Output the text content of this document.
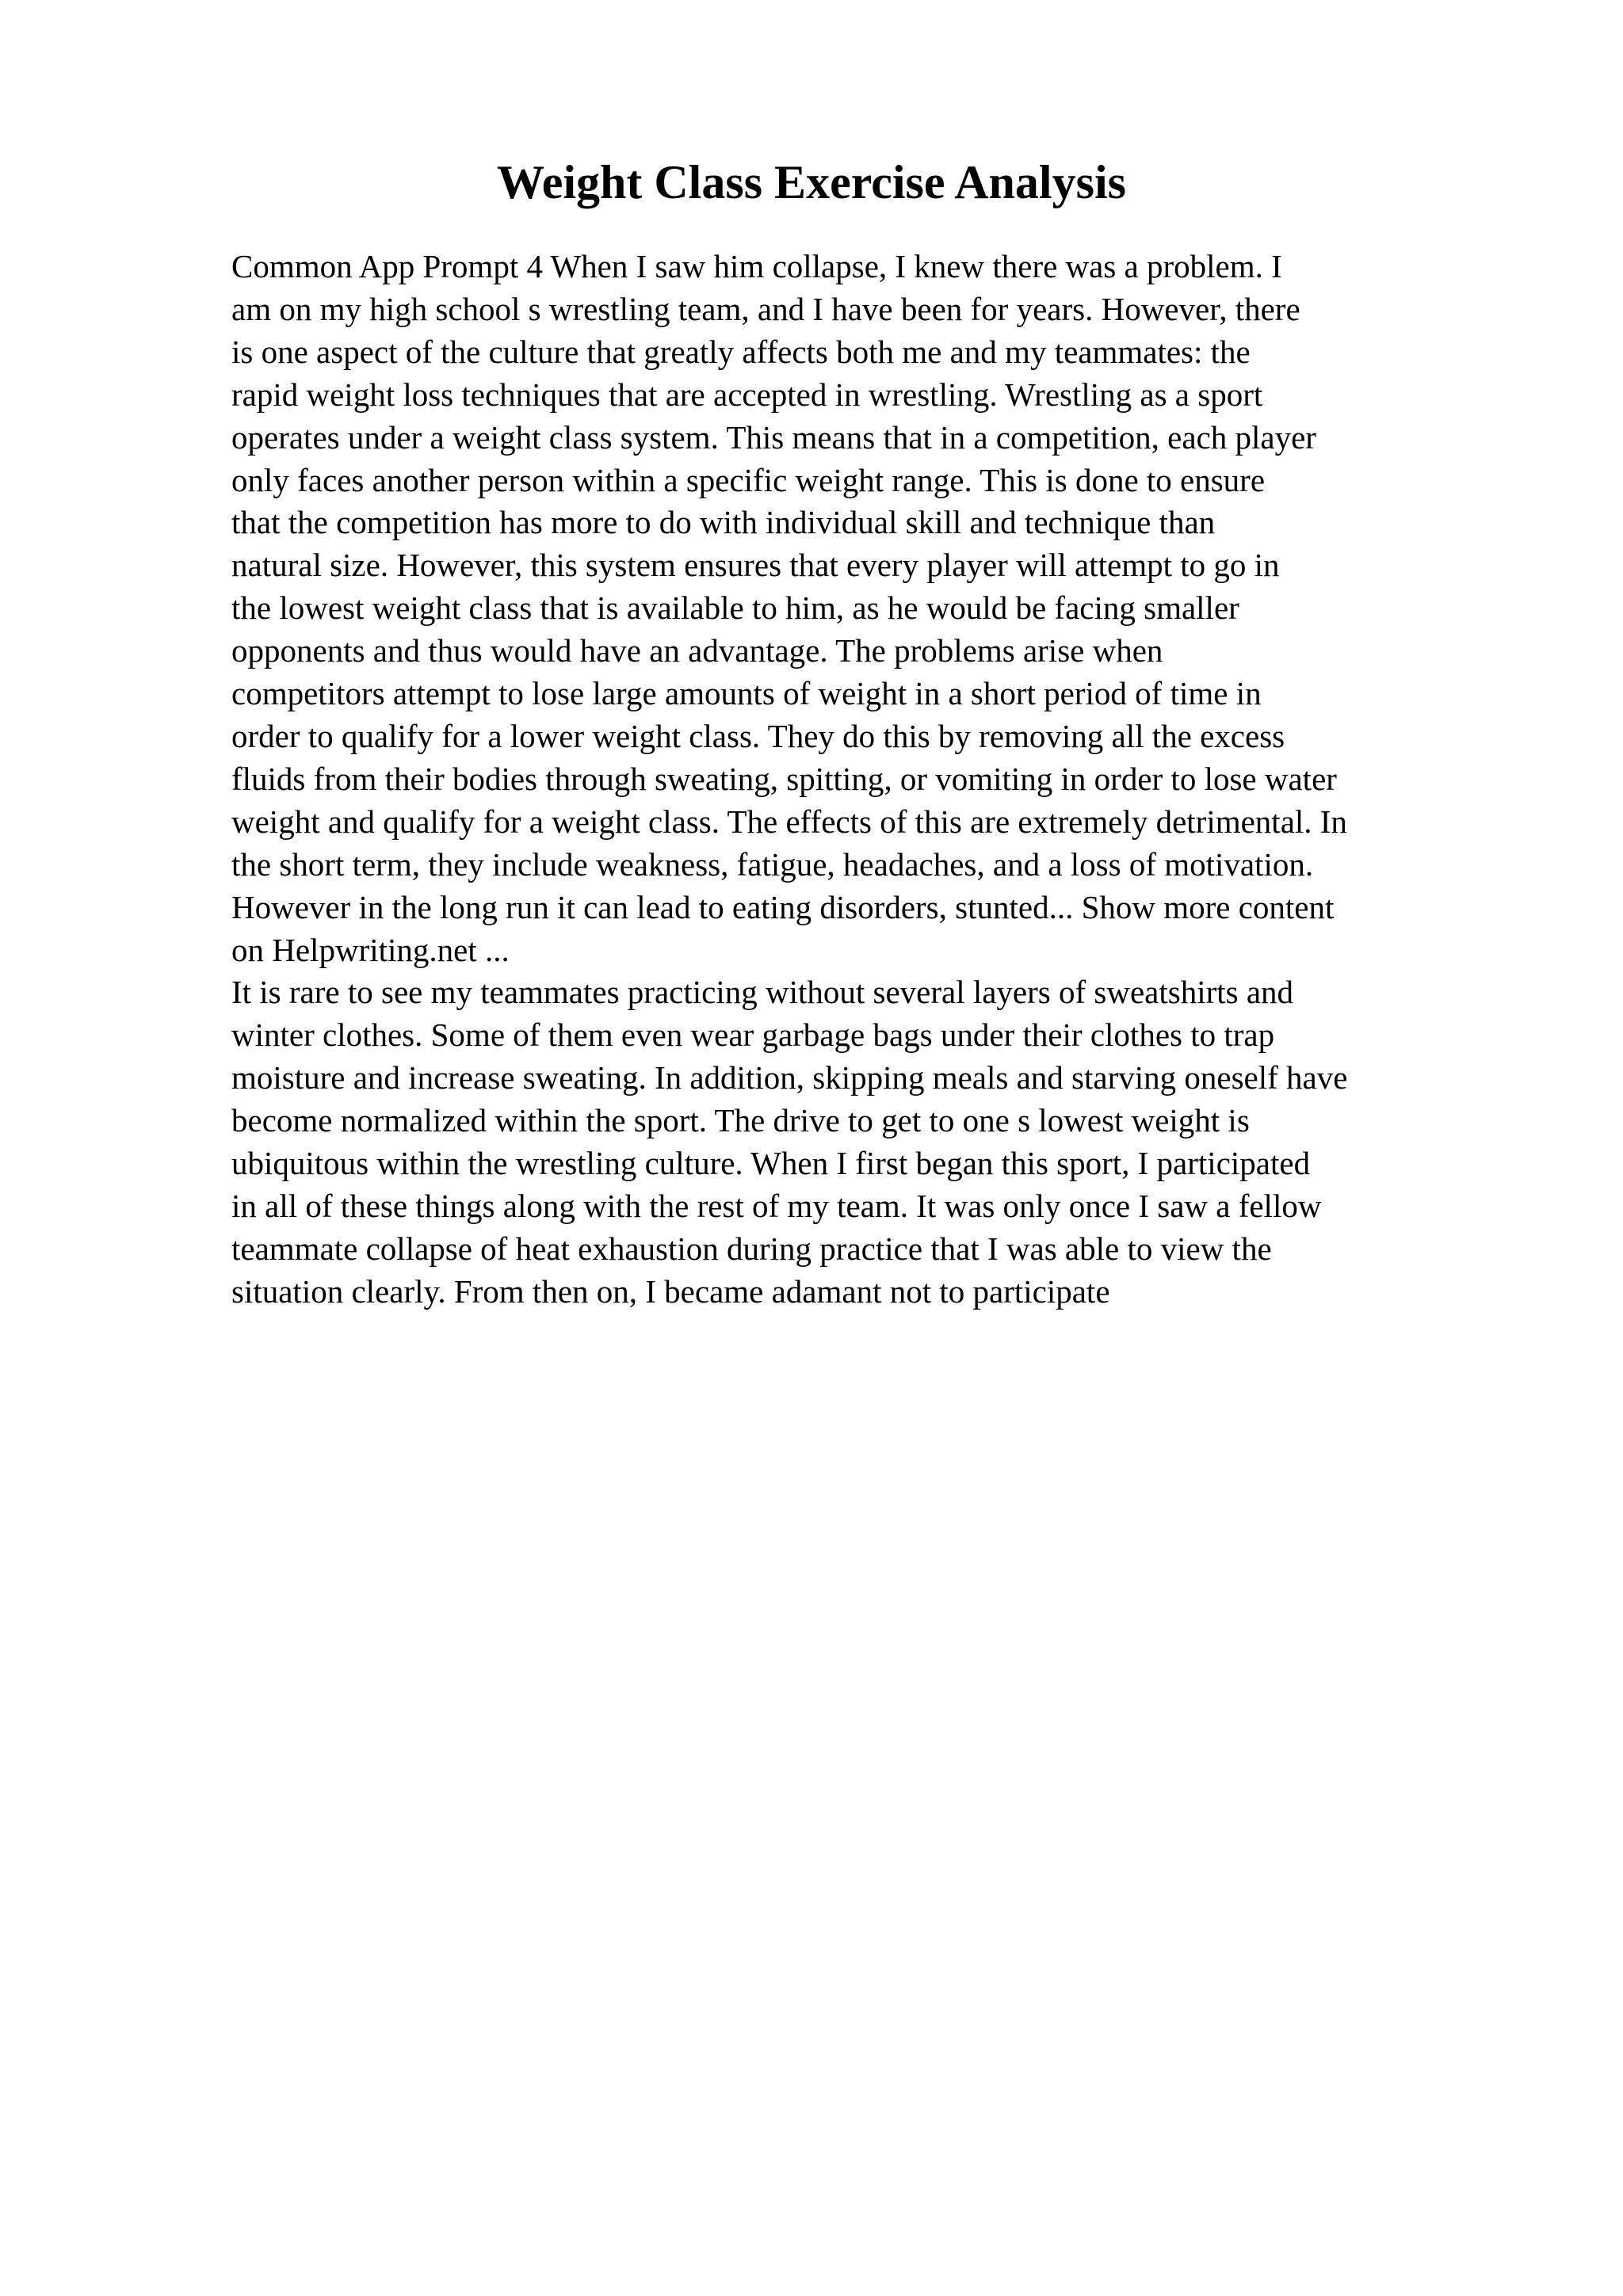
Weight Class Exercise Analysis
Common App Prompt 4 When I saw him collapse, I knew there was a problem. I
am on my high school s wrestling team, and I have been for years. However, there
is one aspect of the culture that greatly affects both me and my teammates: the
rapid weight loss techniques that are accepted in wrestling. Wrestling as a sport
operates under a weight class system. This means that in a competition, each player
only faces another person within a specific weight range. This is done to ensure
that the competition has more to do with individual skill and technique than
natural size. However, this system ensures that every player will attempt to go in
the lowest weight class that is available to him, as he would be facing smaller
opponents and thus would have an advantage. The problems arise when
competitors attempt to lose large amounts of weight in a short period of time in
order to qualify for a lower weight class. They do this by removing all the excess
fluids from their bodies through sweating, spitting, or vomiting in order to lose water
weight and qualify for a weight class. The effects of this are extremely detrimental. In
the short term, they include weakness, fatigue, headaches, and a loss of motivation.
However in the long run it can lead to eating disorders, stunted... Show more content
on Helpwriting.net ...
It is rare to see my teammates practicing without several layers of sweatshirts and
winter clothes. Some of them even wear garbage bags under their clothes to trap
moisture and increase sweating. In addition, skipping meals and starving oneself have
become normalized within the sport. The drive to get to one s lowest weight is
ubiquitous within the wrestling culture. When I first began this sport, I participated
in all of these things along with the rest of my team. It was only once I saw a fellow
teammate collapse of heat exhaustion during practice that I was able to view the
situation clearly. From then on, I became adamant not to participate
